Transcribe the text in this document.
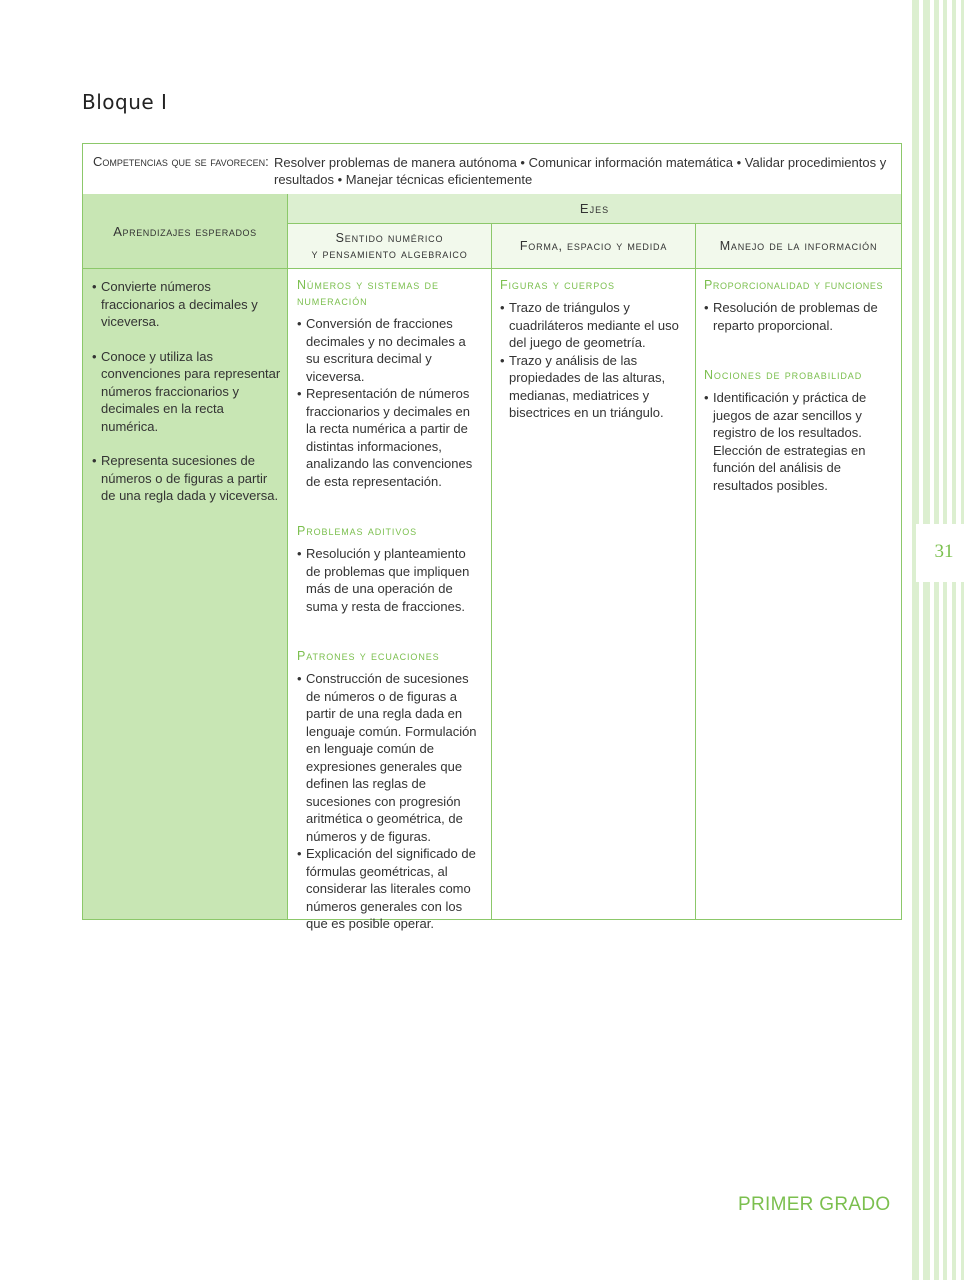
31
Bloque I
Competencias que se favorecen: Resolver problemas de manera autónoma • Comunicar información matemática • Validar procedimientos y resultados • Manejar técnicas eficientemente
Aprendizajes esperados
Ejes
Sentido numérico
y pensamiento algebraico
Forma, espacio y medida	Manejo de la información
• Convierte números fraccionarios a decimales y viceversa.
• Conoce y utiliza las convenciones para representar números fraccionarios y decimales en la recta numérica.
• Representa sucesiones de números o de figuras a partir de una regla dada y viceversa.
Números y sistemas de numeración
• Conversión de fracciones decimales y no decimales a su escritura decimal y viceversa.
• Representación de números fraccionarios y decimales en la recta numérica a partir de distintas informaciones, analizando las convenciones de esta representación.
Problemas aditivos
• Resolución y planteamiento de problemas que impliquen más de una operación de suma y resta de fracciones.
Patrones y ecuaciones
• Construcción de sucesiones de números o de figuras a partir de una regla dada en lenguaje común. Formulación en lenguaje común de expresiones generales que definen las reglas de sucesiones con progresión aritmética o geométrica, de números y de figuras.
• Explicación del significado de fórmulas geométricas, al considerar las literales como números generales con los que es posible operar.
Figuras y cuerpos
• Trazo de triángulos y cuadriláteros mediante el uso del juego de geometría.
• Trazo y análisis de las propiedades de las alturas, medianas, mediatrices y bisectrices en un triángulo.
Proporcionalidad y funciones
• Resolución de problemas de reparto proporcional.
Nociones de probabilidad
• Identificación y práctica de juegos de azar sencillos y registro de los resultados. Elección de estrategias en función del análisis de resultados posibles.
PRIMER GRADO
